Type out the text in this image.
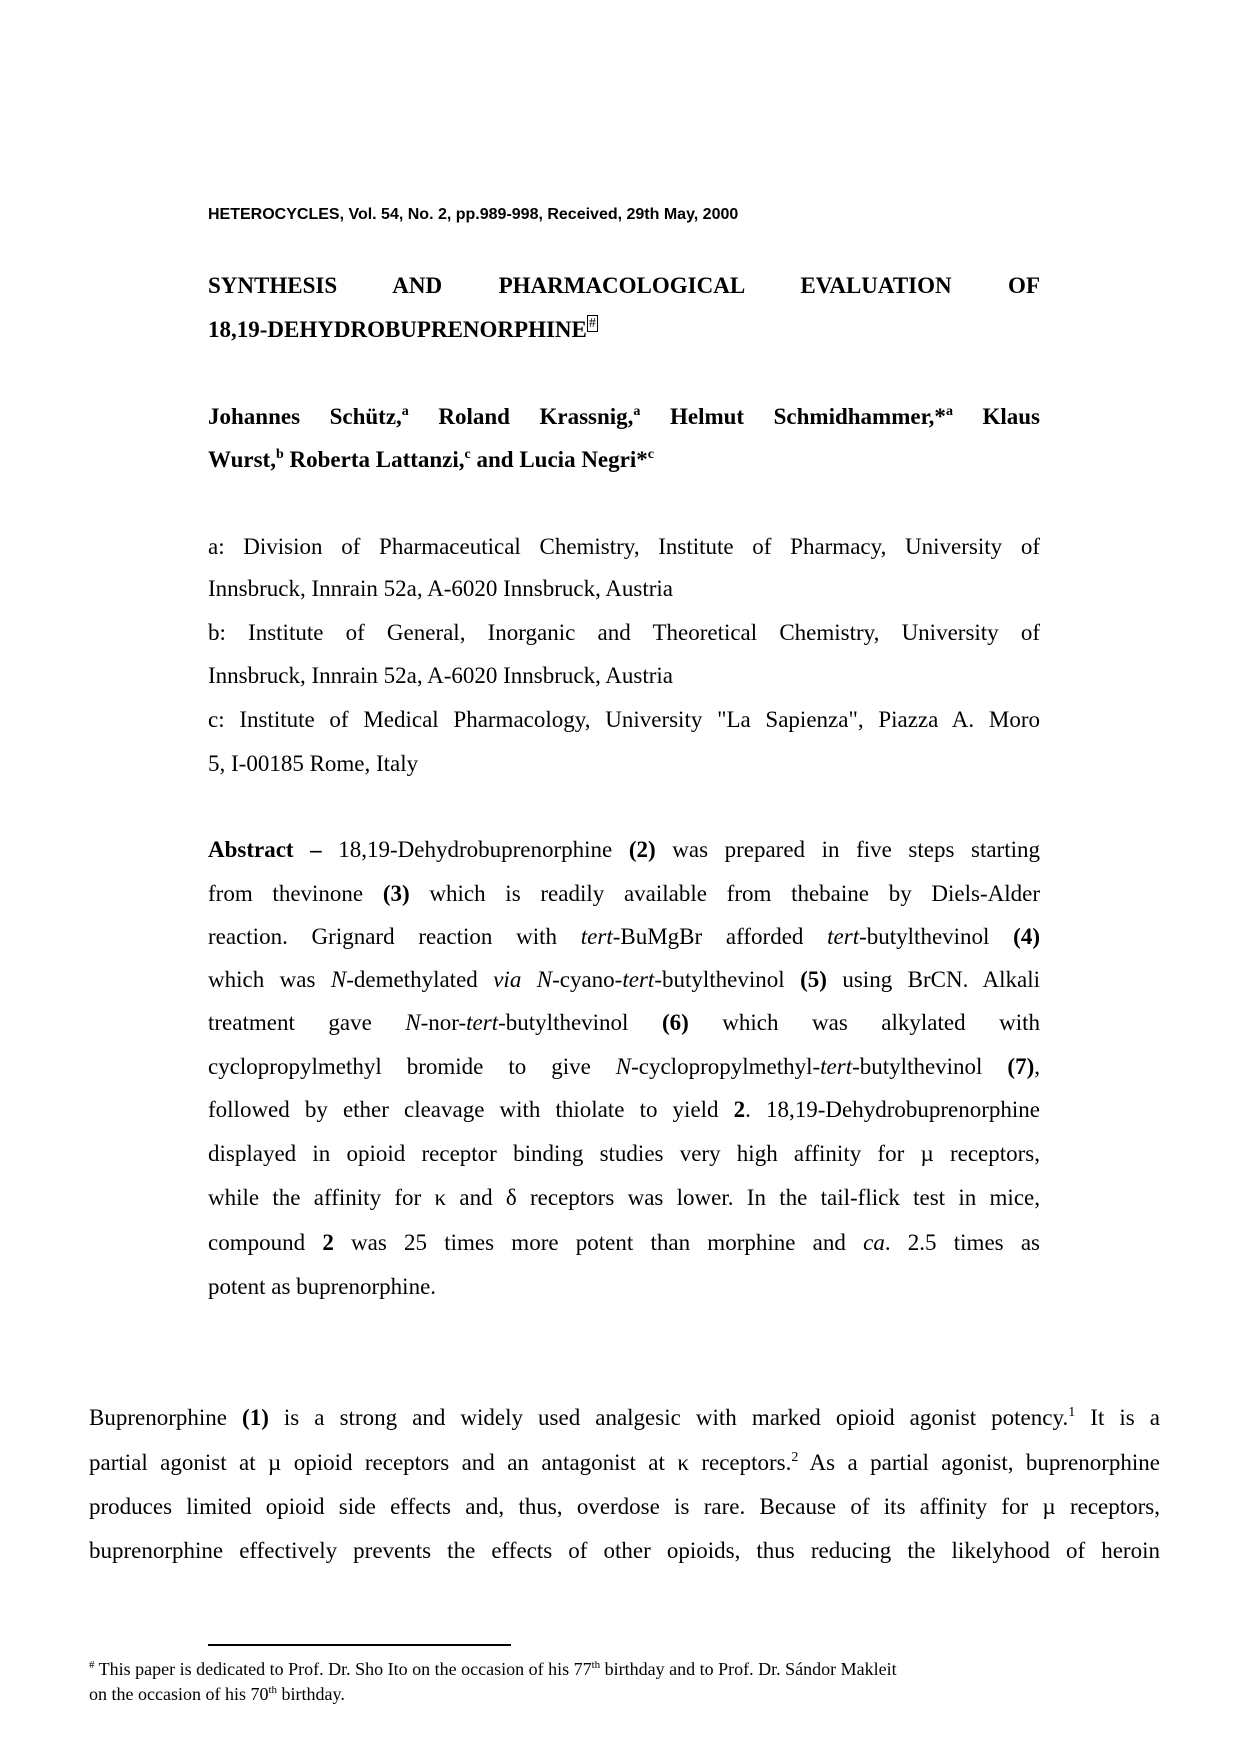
HETEROCYCLES, Vol. 54, No. 2, pp.989-998, Received, 29th May, 2000
SYNTHESIS AND PHARMACOLOGICAL EVALUATION OF
18,19-DEHYDROBUPRENORPHINE #
Johannes Schütz,$^a$ Roland Krassnig,$^a$ Helmut Schmidhammer,*$^a$ Klaus
Wurst,$^b$ Roberta Lattanzi,$^c$ and Lucia Negri*$^c$
a: Division of Pharmaceutical Chemistry, Institute of Pharmacy, University of
Innsbruck, Innrain 52a, A-6020 Innsbruck, Austria
b: Institute of General, Inorganic and Theoretical Chemistry, University of
Innsbruck, Innrain 52a, A-6020 Innsbruck, Austria
c: Institute of Medical Pharmacology, University "La Sapienza", Piazza A. Moro
5, I-00185 Rome, Italy
Abstract – 18,19-Dehydrobuprenorphine (2) was prepared in five steps starting
from thevinone (3) which is readily available from thebaine by Diels-Alder
reaction. Grignard reaction with tert-BuMgBr afforded tert-butylthevinol (4)
which was N-demethylated via N-cyano-tert-butylthevinol (5) using BrCN. Alkali
treatment gave N-nor-tert-butylthevinol (6) which was alkylated with
cyclopropylmethyl bromide to give N-cyclopropylmethyl-tert-butylthevinol (7),
followed by ether cleavage with thiolate to yield 2. 18,19-Dehydrobuprenorphine
displayed in opioid receptor binding studies very high affinity for µ receptors,
while the affinity for κ and δ receptors was lower. In the tail-flick test in mice,
compound 2 was 25 times more potent than morphine and ca. 2.5 times as
potent as buprenorphine.
Buprenorphine (1) is a strong and widely used analgesic with marked opioid agonist potency.$^1$ It is a
partial agonist at µ opioid receptors and an antagonist at κ receptors.$^2$ As a partial agonist, buprenorphine
produces limited opioid side effects and, thus, overdose is rare. Because of its affinity for µ receptors,
buprenorphine effectively prevents the effects of other opioids, thus reducing the likelyhood of heroin
# This paper is dedicated to Prof. Dr. Sho Ito on the occasion of his 77th birthday and to Prof. Dr. Sándor Makleit
on the occasion of his 70th birthday.
